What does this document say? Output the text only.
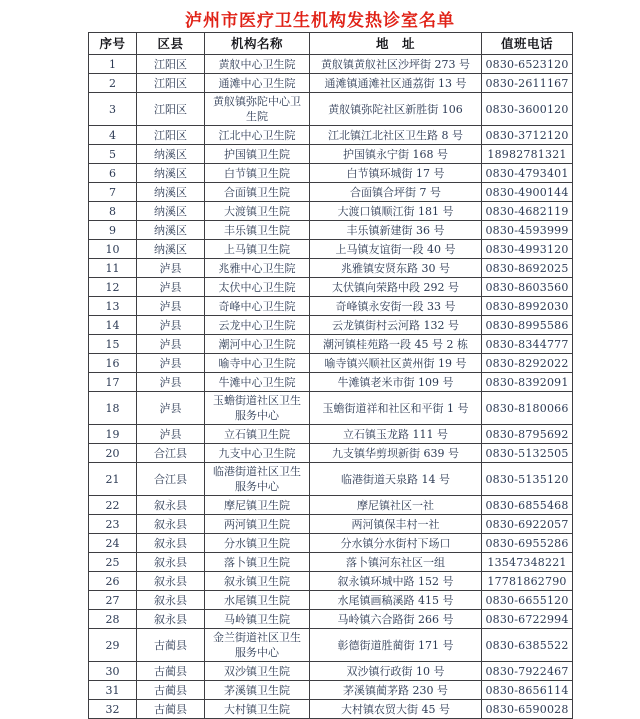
泸州市医疗卫生机构发热诊室名单
序号	区县	机构名称	地　址	值班电话
1	江阳区	黄舣中心卫生院	黄舣镇黄舣社区沙坪街 273 号	0830-6523120
2	江阳区	通滩中心卫生院	通滩镇通滩社区通荔街 13 号	0830-2611167
3	江阳区	黄舣镇弥陀中心卫生院	黄舣镇弥陀社区新胜街 106	0830-3600120
4	江阳区	江北中心卫生院	江北镇江北社区卫生路 8 号	0830-3712120
5	纳溪区	护国镇卫生院	护国镇永宁街 168 号	18982781321
6	纳溪区	白节镇卫生院	白节镇环城街 17 号	0830-4793401
7	纳溪区	合面镇卫生院	合面镇合坪街 7 号	0830-4900144
8	纳溪区	大渡镇卫生院	大渡口镇顺江街 181 号	0830-4682119
9	纳溪区	丰乐镇卫生院	丰乐镇新建街 36 号	0830-4593999
10	纳溪区	上马镇卫生院	上马镇友谊街一段 40 号	0830-4993120
11	泸县	兆雅中心卫生院	兆雅镇安贤东路 30 号	0830-8692025
12	泸县	太伏中心卫生院	太伏镇向荣路中段 292 号	0830-8603560
13	泸县	奇峰中心卫生院	奇峰镇永安街一段 33 号	0830-8992030
14	泸县	云龙中心卫生院	云龙镇街村云河路 132 号	0830-8995586
15	泸县	潮河中心卫生院	潮河镇桂苑路一段 45 号 2 栋	0830-8344777
16	泸县	喻寺中心卫生院	喻寺镇兴顺社区黄州街 19 号	0830-8292022
17	泸县	牛滩中心卫生院	牛滩镇老米市街 109 号	0830-8392091
18	泸县	玉蟾街道社区卫生服务中心	玉蟾街道祥和社区和平街 1 号	0830-8180066
19	泸县	立石镇卫生院	立石镇玉龙路 111 号	0830-8795692
20	合江县	九支中心卫生院	九支镇华剪坝新街 639 号	0830-5132505
21	合江县	临港街道社区卫生服务中心	临港街道天泉路 14 号	0830-5135120
22	叙永县	摩尼镇卫生院	摩尼镇社区一社	0830-6855468
23	叙永县	两河镇卫生院	两河镇保丰村一社	0830-6922057
24	叙永县	分水镇卫生院	分水镇分水街村下场口	0830-6955286
25	叙永县	落卜镇卫生院	落卜镇河东社区一组	13547348221
26	叙永县	叙永镇卫生院	叙永镇环城中路 152 号	17781862790
27	叙永县	水尾镇卫生院	水尾镇画稿溪路 415 号	0830-6655120
28	叙永县	马岭镇卫生院	马岭镇六合路街 266 号	0830-6722994
29	古蔺县	金兰街道社区卫生服务中心	彰德街道胜蔺街 171 号	0830-6385522
30	古蔺县	双沙镇卫生院	双沙镇行政街 10 号	0830-7922467
31	古蔺县	茅溪镇卫生院	茅溪镇蔺茅路 230 号	0830-8656114
32	古蔺县	大村镇卫生院	大村镇农贸大街 45 号	0830-6590028
